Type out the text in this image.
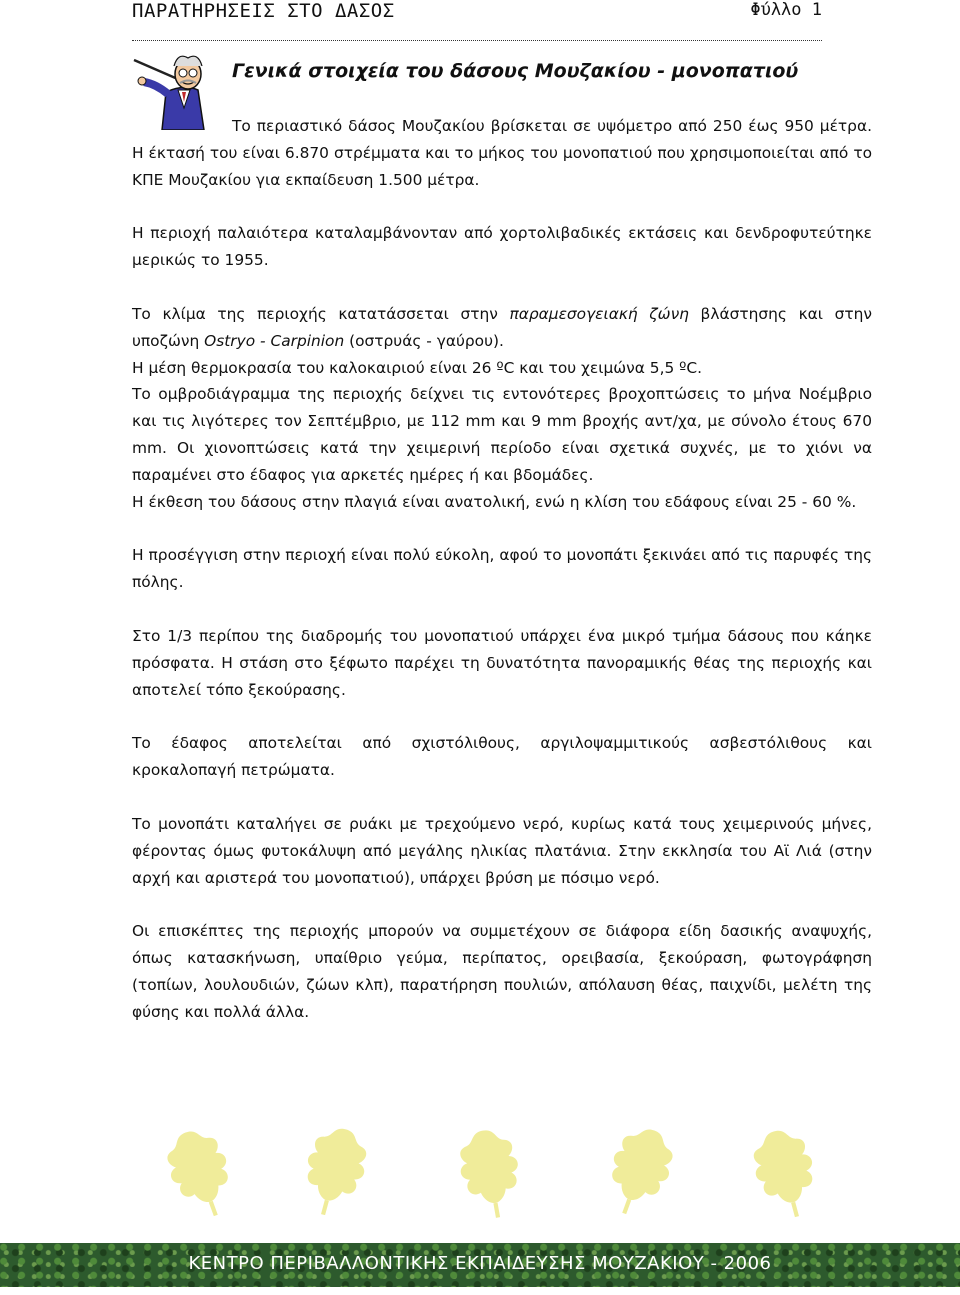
ΠΑΡΑΤΗΡΗΣΕΙΣ ΣΤΟ ΔΑΣΟΣ	Φύλλο 1
Γενικά στοιχεία του δάσους Μουζακίου - μονοπατιού

Το περιαστικό δάσος Μουζακίου βρίσκεται σε υψόμετρο από 250 έως 950 μέτρα. Η έκτασή του είναι 6.870 στρέμματα και το μήκος του μονοπατιού που χρησιμοποιείται από το ΚΠΕ Μουζακίου για εκπαίδευση 1.500 μέτρα.

Η περιοχή παλαιότερα καταλαμβάνονταν από χορτολιβαδικές εκτάσεις και δενδροφυτεύτηκε μερικώς το 1955.

Το κλίμα της περιοχής κατατάσσεται στην παραμεσογειακή ζώνη βλάστησης και στην υποζώνη Ostryo - Carpinion (οστρυάς - γαύρου).

Η μέση θερμοκρασία του καλοκαιριού είναι 26 ºC και του χειμώνα 5,5 ºC.

Το ομβροδιάγραμμα της περιοχής δείχνει τις εντονότερες βροχοπτώσεις το μήνα Νοέμβριο και τις λιγότερες τον Σεπτέμβριο, με 112 mm και 9 mm βροχής αντ/χα, με σύνολο έτους 670 mm. Οι χιονοπτώσεις κατά την χειμερινή περίοδο είναι σχετικά συχνές, με το χιόνι να παραμένει στο έδαφος για αρκετές ημέρες ή και βδομάδες.

Η έκθεση του δάσους στην πλαγιά είναι ανατολική, ενώ η κλίση του εδάφους είναι 25 - 60 %.

Η προσέγγιση στην περιοχή είναι πολύ εύκολη, αφού το μονοπάτι ξεκινάει από τις παρυφές της πόλης.

Στο 1/3 περίπου της διαδρομής του μονοπατιού υπάρχει ένα μικρό τμήμα δάσους που κάηκε πρόσφατα. Η στάση στο ξέφωτο παρέχει τη δυνατότητα πανοραμικής θέας της περιοχής και αποτελεί τόπο ξεκούρασης.

Το έδαφος αποτελείται από σχιστόλιθους, αργιλοψαμμιτικούς ασβεστόλιθους και κροκαλοπαγή πετρώματα.

Το μονοπάτι καταλήγει σε ρυάκι με τρεχούμενο νερό, κυρίως κατά τους χειμερινούς μήνες, φέροντας όμως φυτοκάλυψη από μεγάλης ηλικίας πλατάνια. Στην εκκλησία του Αϊ Λιά (στην αρχή και αριστερά του μονοπατιού), υπάρχει βρύση με πόσιμο νερό.

Οι επισκέπτες της περιοχής μπορούν να συμμετέχουν σε διάφορα είδη δασικής αναψυχής, όπως κατασκήνωση, υπαίθριο γεύμα, περίπατος, ορειβασία, ξεκούραση, φωτογράφηση (τοπίων, λουλουδιών, ζώων κλπ), παρατήρηση πουλιών, απόλαυση θέας, παιχνίδι, μελέτη της φύσης και πολλά άλλα.

ΚΕΝΤΡΟ ΠΕΡΙΒΑΛΛΟΝΤΙΚΗΣ ΕΚΠΑΙΔΕΥΣΗΣ ΜΟΥΖΑΚΙΟΥ - 2006
